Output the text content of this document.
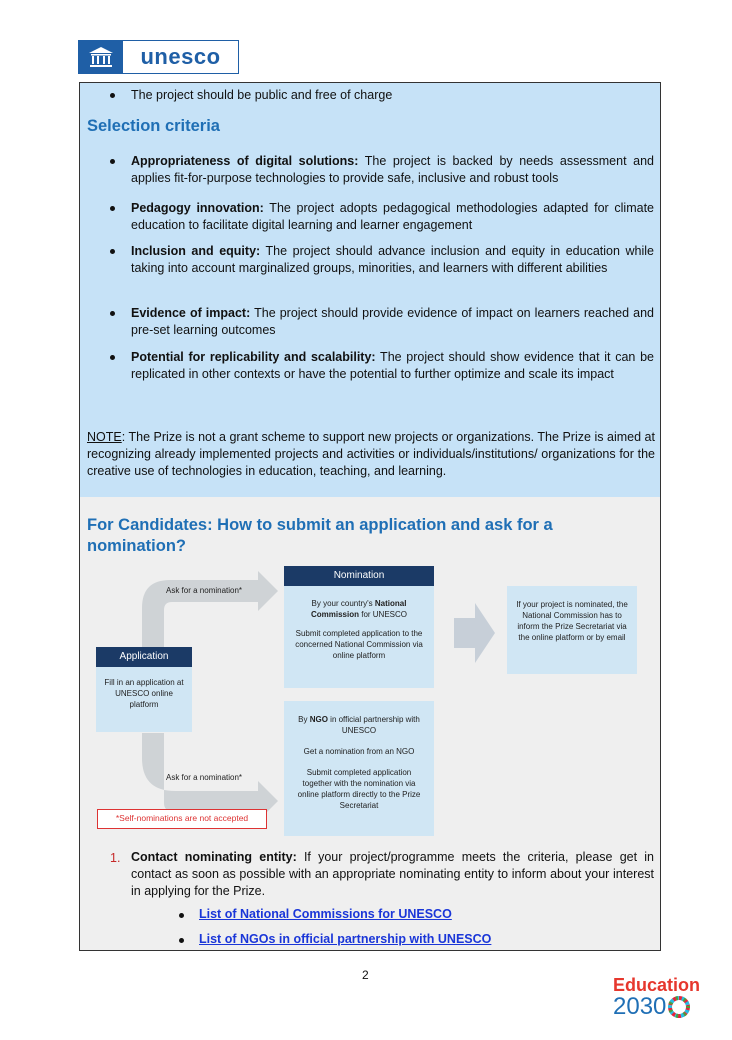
unesco
The project should be public and free of charge
Selection criteria
Appropriateness of digital solutions: The project is backed by needs assessment and applies fit-for-purpose technologies to provide safe, inclusive and robust tools
Pedagogy innovation: The project adopts pedagogical methodologies adapted for climate education to facilitate digital learning and learner engagement
Inclusion and equity: The project should advance inclusion and equity in education while taking into account marginalized groups, minorities, and learners with different abilities
Evidence of impact: The project should provide evidence of impact on learners reached and pre-set learning outcomes
Potential for replicability and scalability: The project should show evidence that it can be replicated in other contexts or have the potential to further optimize and scale its impact
NOTE: The Prize is not a grant scheme to support new projects or organizations. The Prize is aimed at recognizing already implemented projects and activities or individuals/institutions/ organizations for the creative use of technologies in education, teaching, and learning.
For Candidates: How to submit an application and ask for a nomination?
Ask for a nomination*
Ask for a nomination*
Application

Fill in an application at UNESCO online platform

Nomination

By your country's National Commission for UNESCO

Submit completed application to the concerned National Commission via online platform

By NGO in official partnership with UNESCO

Get a nomination from an NGO

Submit completed application together with the nomination via online platform directly to the Prize Secretariat

If your project is nominated, the National Commission has to inform the Prize Secretariat via the online platform or by email

*Self-nominations are not accepted
1. Contact nominating entity: If your project/programme meets the criteria, please get in contact as soon as possible with an appropriate nominating entity to inform about your interest in applying for the Prize.
List of National Commissions for UNESCO
List of NGOs in official partnership with UNESCO
2	Education
2030
